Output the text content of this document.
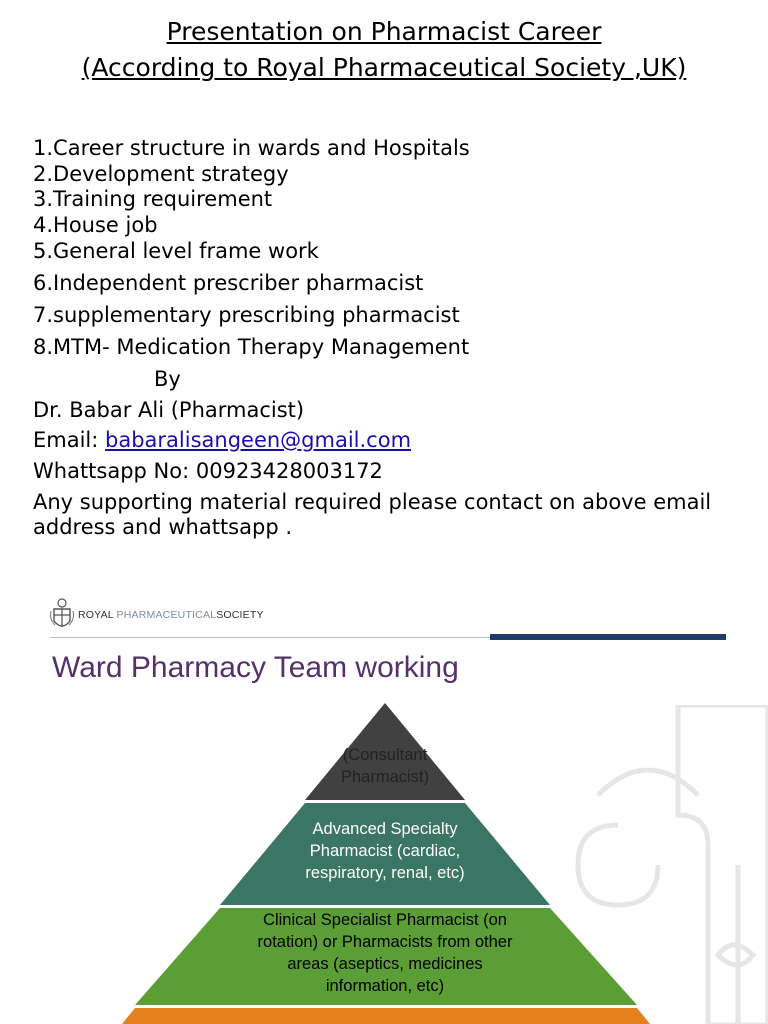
Presentation on Pharmacist Career
(According to Royal Pharmaceutical Society ,UK)
1.Career structure in wards and Hospitals
2.Development strategy
3.Training requirement
4.House job
5.General level frame work
6.Independent prescriber pharmacist
7.supplementary prescribing pharmacist
8.MTM- Medication Therapy Management
By
Dr. Babar Ali (Pharmacist)
Email: babaralisangeen@gmail.com
Whattsapp No: 00923428003172
Any supporting material required please contact on above email
address and whattsapp .
ROYAL PHARMACEUTICALSOCIETY
Ward Pharmacy Team working
(Consultant
Pharmacist)
Advanced Specialty
Pharmacist (cardiac,
respiratory, renal, etc)
Clinical Specialist Pharmacist (on
rotation) or Pharmacists from other
areas (aseptics, medicines
information, etc)
